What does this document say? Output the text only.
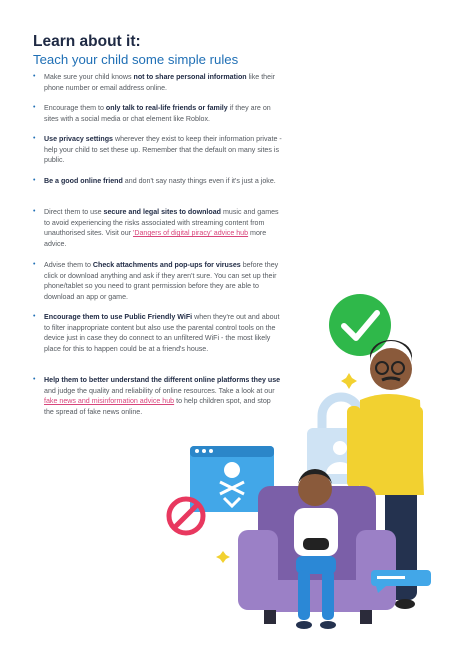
Learn about it:
Teach your child some simple rules
• Make sure your child knows not to share personal information like their phone number or email address online.
• Encourage them to only talk to real-life friends or family if they are on sites with a social media or chat element like Roblox.
• Use privacy settings wherever they exist to keep their information private - help your child to set these up. Remember that the default on many sites is public.
• Be a good online friend and don't say nasty things even if it's just a joke.
• Direct them to use secure and legal sites to download music and games to avoid experiencing the risks associated with streaming content from unauthorised sites. Visit our 'Dangers of digital piracy' advice hub more advice.
• Advise them to Check attachments and pop-ups for viruses before they click or download anything and ask if they aren't sure. You can set up their phone/tablet so you need to grant permission before they are able to download an app or game.
• Encourage them to use Public Friendly WiFi when they're out and about to filter inappropriate content but also use the parental control tools on the device just in case they do connect to an unfiltered WiFi - the most likely place for this to happen could be at a friend's house.
• Help them to better understand the different online platforms they use and judge the quality and reliability of online resources. Take a look at our fake news and misinformation advice hub to help children spot, and stop the spread of fake news online.
